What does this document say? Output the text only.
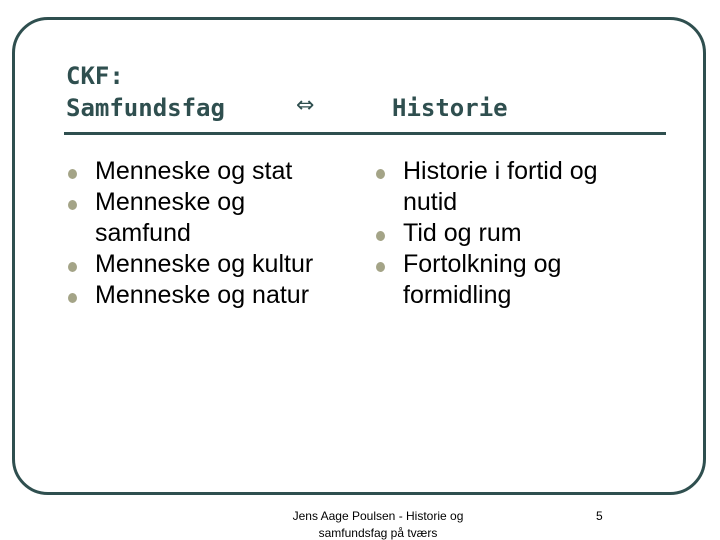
CKF:
Samfundsfag	⇔	Historie
Menneske og stat
Menneske og samfund
Menneske og kultur
Menneske og natur
Historie i fortid og nutid
Tid og rum
Fortolkning og formidling
Jens Aage Poulsen - Historie og samfundsfag på tværs
5
